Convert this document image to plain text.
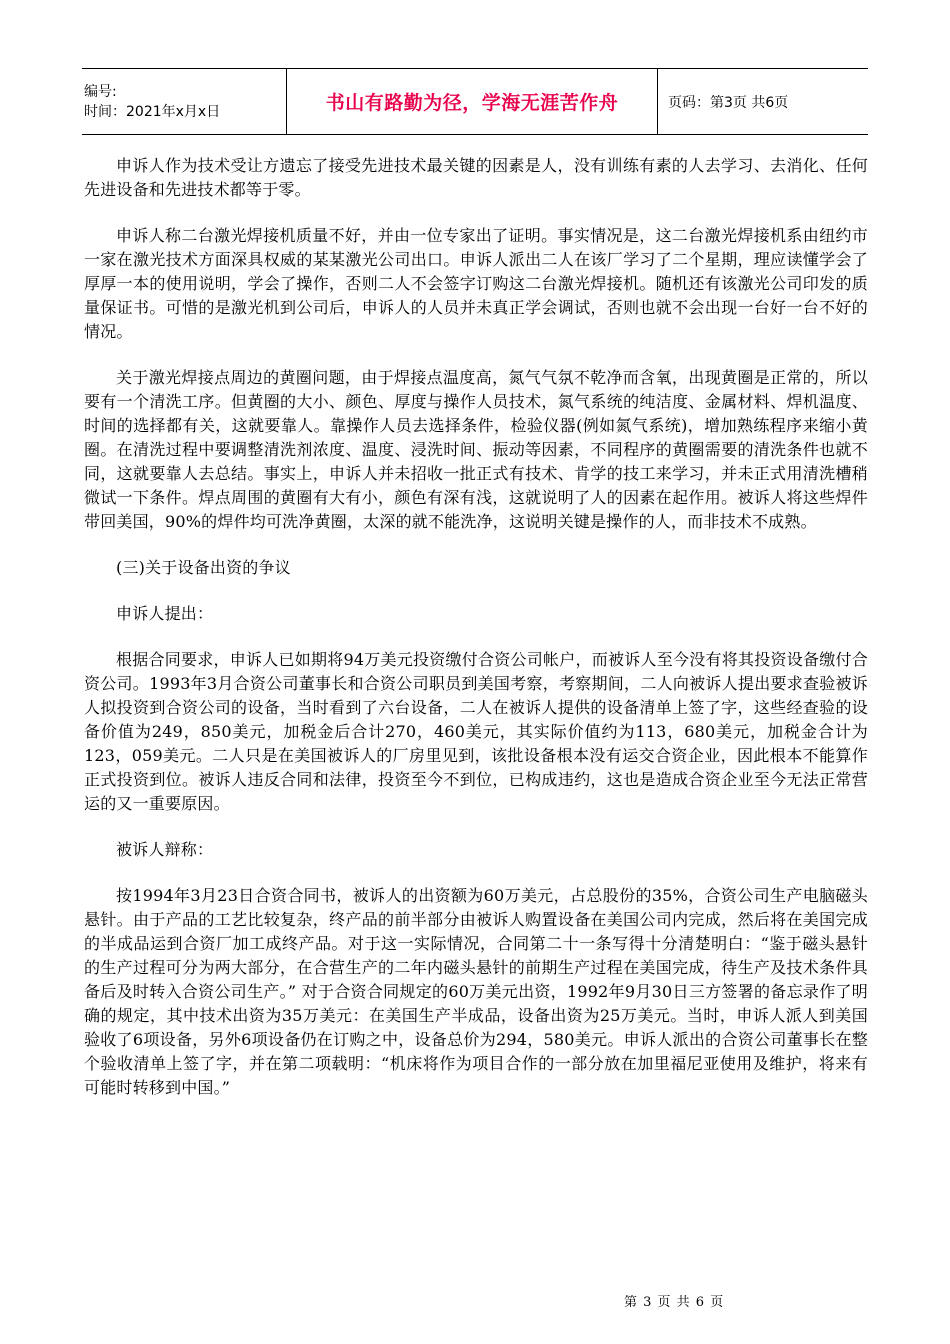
编号:
时间：2021年x月x日	书山有路勤为径，学海无涯苦作舟	页码：第3页 共6页

申诉人作为技术受让方遗忘了接受先进技术最关键的因素是人，没有训练有素的人去学习、去消化、任何先进设备和先进技术都等于零。

申诉人称二台激光焊接机质量不好，并由一位专家出了证明。事实情况是，这二台激光焊接机系由纽约市一家在激光技术方面深具权威的某某激光公司出口。申诉人派出二人在该厂学习了二个星期，理应读懂学会了厚厚一本的使用说明，学会了操作，否则二人不会签字订购这二台激光焊接机。随机还有该激光公司印发的质量保证书。可惜的是激光机到公司后，申诉人的人员并未真正学会调试，否则也就不会出现一台好一台不好的情况。

关于激光焊接点周边的黄圈问题，由于焊接点温度高，氮气气氛不乾净而含氧，出现黄圈是正常的，所以要有一个清洗工序。但黄圈的大小、颜色、厚度与操作人员技术，氮气系统的纯洁度、金属材料、焊机温度、时间的选择都有关，这就要靠人。靠操作人员去选择条件，检验仪器(例如氮气系统)，增加熟练程序来缩小黄圈。在清洗过程中要调整清洗剂浓度、温度、浸洗时间、振动等因素，不同程序的黄圈需要的清洗条件也就不同，这就要靠人去总结。事实上，申诉人并未招收一批正式有技术、肯学的技工来学习，并未正式用清洗槽稍微试一下条件。焊点周围的黄圈有大有小，颜色有深有浅，这就说明了人的因素在起作用。被诉人将这些焊件带回美国，90%的焊件均可洗净黄圈，太深的就不能洗净，这说明关键是操作的人，而非技术不成熟。

(三)关于设备出资的争议

申诉人提出：

根据合同要求，申诉人已如期将94万美元投资缴付合资公司帐户，而被诉人至今没有将其投资设备缴付合资公司。1993年3月合资公司董事长和合资公司职员到美国考察，考察期间，二人向被诉人提出要求查验被诉人拟投资到合资公司的设备，当时看到了六台设备，二人在被诉人提供的设备清单上签了字，这些经查验的设备价值为249，850美元，加税金后合计270，460美元，其实际价值约为113，680美元，加税金合计为123，059美元。二人只是在美国被诉人的厂房里见到，该批设备根本没有运交合资企业，因此根本不能算作正式投资到位。被诉人违反合同和法律，投资至今不到位，已构成违约，这也是造成合资企业至今无法正常营运的又一重要原因。

被诉人辩称：

按1994年3月23日合资合同书，被诉人的出资额为60万美元，占总股份的35%，合资公司生产电脑磁头悬针。由于产品的工艺比较复杂，终产品的前半部分由被诉人购置设备在美国公司内完成，然后将在美国完成的半成品运到合资厂加工成终产品。对于这一实际情况，合同第二十一条写得十分清楚明白：“鉴于磁头悬针的生产过程可分为两大部分，在合营生产的二年内磁头悬针的前期生产过程在美国完成，待生产及技术条件具备后及时转入合资公司生产。” 对于合资合同规定的60万美元出资，1992年9月30日三方签署的备忘录作了明确的规定，其中技术出资为35万美元：在美国生产半成品，设备出资为25万美元。当时，申诉人派人到美国验收了6项设备，另外6项设备仍在订购之中，设备总价为294，580美元。申诉人派出的合资公司董事长在整个验收清单上签了字，并在第二项载明：“机床将作为项目合作的一部分放在加里福尼亚使用及维护，将来有可能时转移到中国。”

第 3 页 共 6 页
